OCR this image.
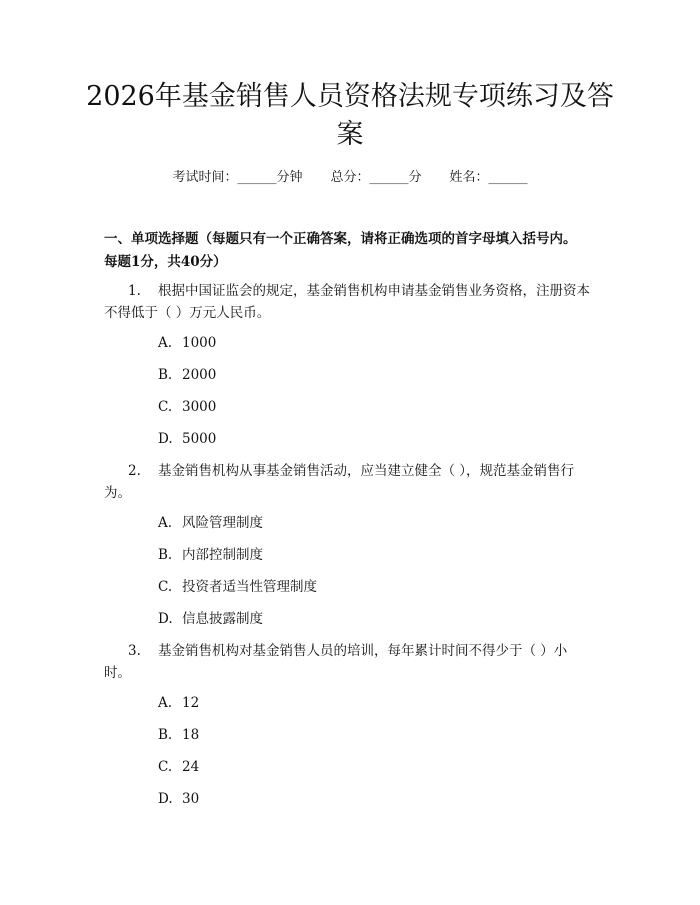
2026年基金销售人员资格法规专项练习及答
案
考试时间：______分钟 总分：______分 姓名：______
一、单项选择题（每题只有一个正确答案，请将正确选项的首字母填入括号内。
每题1分，共40分）

1. 根据中国证监会的规定，基金销售机构申请基金销售业务资格，注册资本
不得低于（ ）万元人民币。

A. 1000
B. 2000
C. 3000
D. 5000

2. 基金销售机构从事基金销售活动，应当建立健全（ ），规范基金销售行
为。

A. 风险管理制度
B. 内部控制制度
C. 投资者适当性管理制度
D. 信息披露制度

3. 基金销售机构对基金销售人员的培训，每年累计时间不得少于（ ）小
时。

A. 12
B. 18
C. 24
D. 30
